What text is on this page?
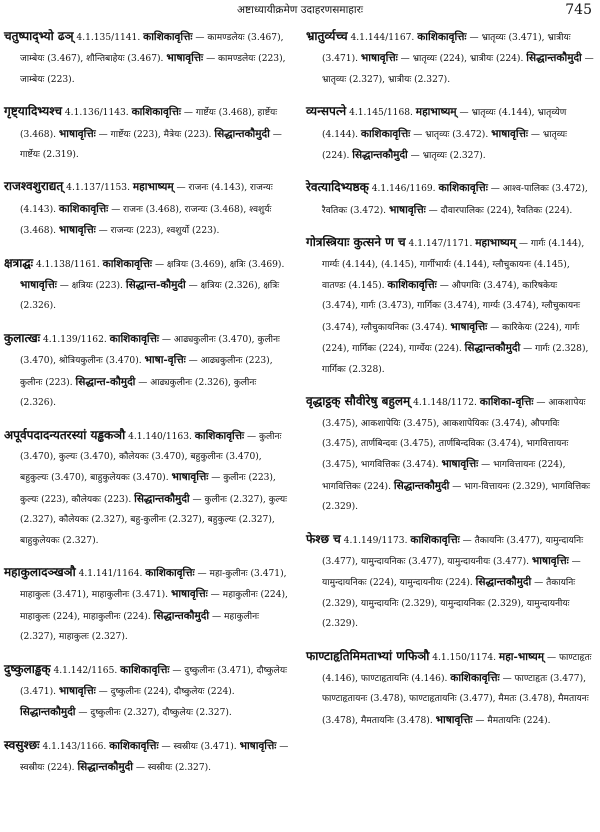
अष्टाध्यायीक्रमेण उदाहरणसमाहारः	745

चतुष्पाद्भ्यो ढञ् 4.1.135/1141. काशिकावृत्तिः — कामण्डलेयः (3.467), जाम्बेयः (3.467), शौन्तिबाहेयः (3.467). भाषावृत्तिः — कामण्डलेयः (223), जाम्बेयः (223).

गृष्ट्यादिभ्यश्च 4.1.136/1143. काशिकावृत्तिः — गार्ष्टेयः (3.468), हार्ष्टेयः (3.468). भाषावृत्तिः — गार्ष्टेयः (223), मैत्रेयः (223). सिद्धान्तकौमुदी — गार्ष्टेयः (2.319).

राजश्वशुराद्यत् 4.1.137/1153. महाभाष्यम् — राजनः (4.143), राजन्यः (4.143). काशिकावृत्तिः — राजनः (3.468), राजन्यः (3.468), श्वशुर्यः (3.468). भाषावृत्तिः — राजन्यः (223), श्वशुर्यो (223).

क्षत्राद्घः 4.1.138/1161. काशिकावृत्तिः — क्षत्रियः (3.469), क्षत्रिः (3.469). भाषावृत्तिः — क्षत्रियः (223). सिद्धान्त-कौमुदी — क्षत्रियः (2.326), क्षत्रिः (2.326).

कुलात्खः 4.1.139/1162. काशिकावृत्तिः — आढ्यकुलीनः (3.470), कुलीनः (3.470), श्रोत्रियकुलीनः (3.470). भाषा-वृत्तिः — आढ्यकुलीनः (223), कुलीनः (223). सिद्धान्त-कौमुदी — आढ्यकुलीनः (2.326), कुलीनः (2.326).

अपूर्वपदादन्यतरस्यां यड्ढकञौ 4.1.140/1163. काशिकावृत्तिः — कुलीनः (3.470), कुल्यः (3.470), कौलेयकः (3.470), बहुकुलीनः (3.470), बहुकुल्यः (3.470), बाहुकुलेयकः (3.470). भाषावृत्तिः — कुलीनः (223), कुल्यः (223), कौलेयकः (223). सिद्धान्तकौमुदी — कुलीनः (2.327), कुल्यः (2.327), कौलेयकः (2.327), बहु-कुलीनः (2.327), बहुकुल्यः (2.327), बाहुकुलेयकः (2.327).

महाकुलादञ्खञौ 4.1.141/1164. काशिकावृत्तिः — महा-कुलीनः (3.471), माहाकुलः (3.471), माहाकुलीनः (3.471). भाषावृत्तिः — महाकुलीनः (224), माहाकुलः (224), माहाकुलीनः (224). सिद्धान्तकौमुदी — महाकुलीनः (2.327), माहाकुलः (2.327).

दुष्कुलाड्ढक् 4.1.142/1165. काशिकावृत्तिः — दुष्कुलीनः (3.471), दौष्कुलेयः (3.471). भाषावृत्तिः — दुष्कुलीनः (224), दौष्कुलेयः (224). सिद्धान्तकौमुदी — दुष्कुलीनः (2.327), दौष्कुलेयः (2.327).

स्वसुश्छः 4.1.143/1166. काशिकावृत्तिः — स्वस्रीयः (3.471). भाषावृत्तिः — स्वस्रीयः (224). सिद्धान्तकौमुदी — स्वस्रीयः (2.327).

भ्रातुर्व्यच्च 4.1.144/1167. काशिकावृत्तिः — भ्रातृव्यः (3.471), भ्रात्रीयः (3.471). भाषावृत्तिः — भ्रातृव्यः (224), भ्रात्रीयः (224). सिद्धान्तकौमुदी — भ्रातृव्यः (2.327), भ्रात्रीयः (2.327).

व्यन्सपत्ने 4.1.145/1168. महाभाष्यम् — भ्रातृव्यः (4.144), भ्रातृव्येण (4.144). काशिकावृत्तिः — भ्रातृव्यः (3.472). भाषावृत्तिः — भ्रातृव्यः (224). सिद्धान्तकौमुदी — भ्रातृव्यः (2.327).

रेवत्यादिभ्यष्ठक् 4.1.146/1169. काशिकावृत्तिः — आश्व-पालिकः (3.472), रैवतिकः (3.472). भाषावृत्तिः — दौवारपालिकः (224), रैवतिकः (224).

गोत्रस्त्रियाः कुत्सने ण च 4.1.147/1171. महाभाष्यम् — गार्गः (4.144), गार्ग्यः (4.144), (4.145), गार्गीभार्यः (4.144), ग्लौचुकायनः (4.145), वातण्डः (4.145). काशिकावृत्तिः — औपगविः (3.474), कारिषकेयः (3.474), गार्गः (3.473), गार्गिकः (3.474), गार्ग्यः (3.474), ग्लौचुकायनः (3.474), ग्लौचुकायनिकः (3.474). भाषावृत्तिः — कारिकेयः (224), गार्गः (224), गार्गिकः (224), गार्ग्येयः (224). सिद्धान्तकौमुदी — गार्गः (2.328), गार्गिकः (2.328).

वृद्धाट्ठक् सौवीरेषु बहुलम् 4.1.148/1172. काशिका-वृत्तिः — आकशापेयः (3.475), आकशापेयिः (3.475), आकशापेयिकः (3.474), औपगविः (3.475), तार्णबिन्दवः (3.475), तार्णबिन्दविकः (3.474), भागवित्तायनः (3.475), भागवित्तिकः (3.474). भाषावृत्तिः — भागवित्तायनः (224), भागवित्तिकः (224). सिद्धान्तकौमुदी — भाग-वित्तायनः (2.329), भागवित्तिकः (2.329).

फेश्छ च 4.1.149/1173. काशिकावृत्तिः — तैकायनिः (3.477), यामुन्दायनिः (3.477), यामुन्दायनिकः (3.477), यामुन्दायनीयः (3.477). भाषावृत्तिः — यामुन्दायनिकः (224), यामुन्दायनीयः (224). सिद्धान्तकौमुदी — तैकायनिः (2.329), यामुन्दायनिः (2.329), यामुन्दायनिकः (2.329), यामुन्दायनीयः (2.329).

फाण्टाहृतिमिमताभ्यां णफिञौ 4.1.150/1174. महा-भाष्यम् — फाण्टाहृतः (4.146), फाण्टाहृतायनिः (4.146). काशिकावृत्तिः — फाण्टाहृतः (3.477), फाण्टाहृतायनः (3.478), फाण्टाहृतायनिः (3.477), मैमतः (3.478), मैमतायनः (3.478), मैमतायनिः (3.478). भाषावृत्तिः — मैमतायनिः (224).
